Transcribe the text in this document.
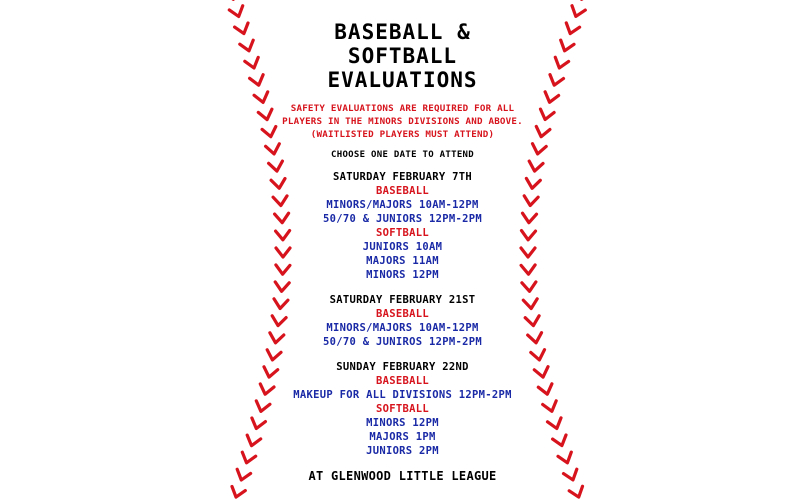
BASEBALL &
SOFTBALL
EVALUATIONS
SAFETY EVALUATIONS ARE REQUIRED FOR ALL
PLAYERS IN THE MINORS DIVISIONS AND ABOVE.
(WAITLISTED PLAYERS MUST ATTEND)
CHOOSE ONE DATE TO ATTEND
SATURDAY FEBRUARY 7TH
BASEBALL
MINORS/MAJORS 10AM-12PM
50/70 & JUNIORS 12PM-2PM
SOFTBALL
JUNIORS 10AM
MAJORS 11AM
MINORS 12PM
SATURDAY FEBRUARY 21ST
BASEBALL
MINORS/MAJORS 10AM-12PM
50/70 & JUNIROS 12PM-2PM
SUNDAY FEBRUARY 22ND
BASEBALL
MAKEUP FOR ALL DIVISIONS 12PM-2PM
SOFTBALL
MINORS 12PM
MAJORS 1PM
JUNIORS 2PM
AT GLENWOOD LITTLE LEAGUE
